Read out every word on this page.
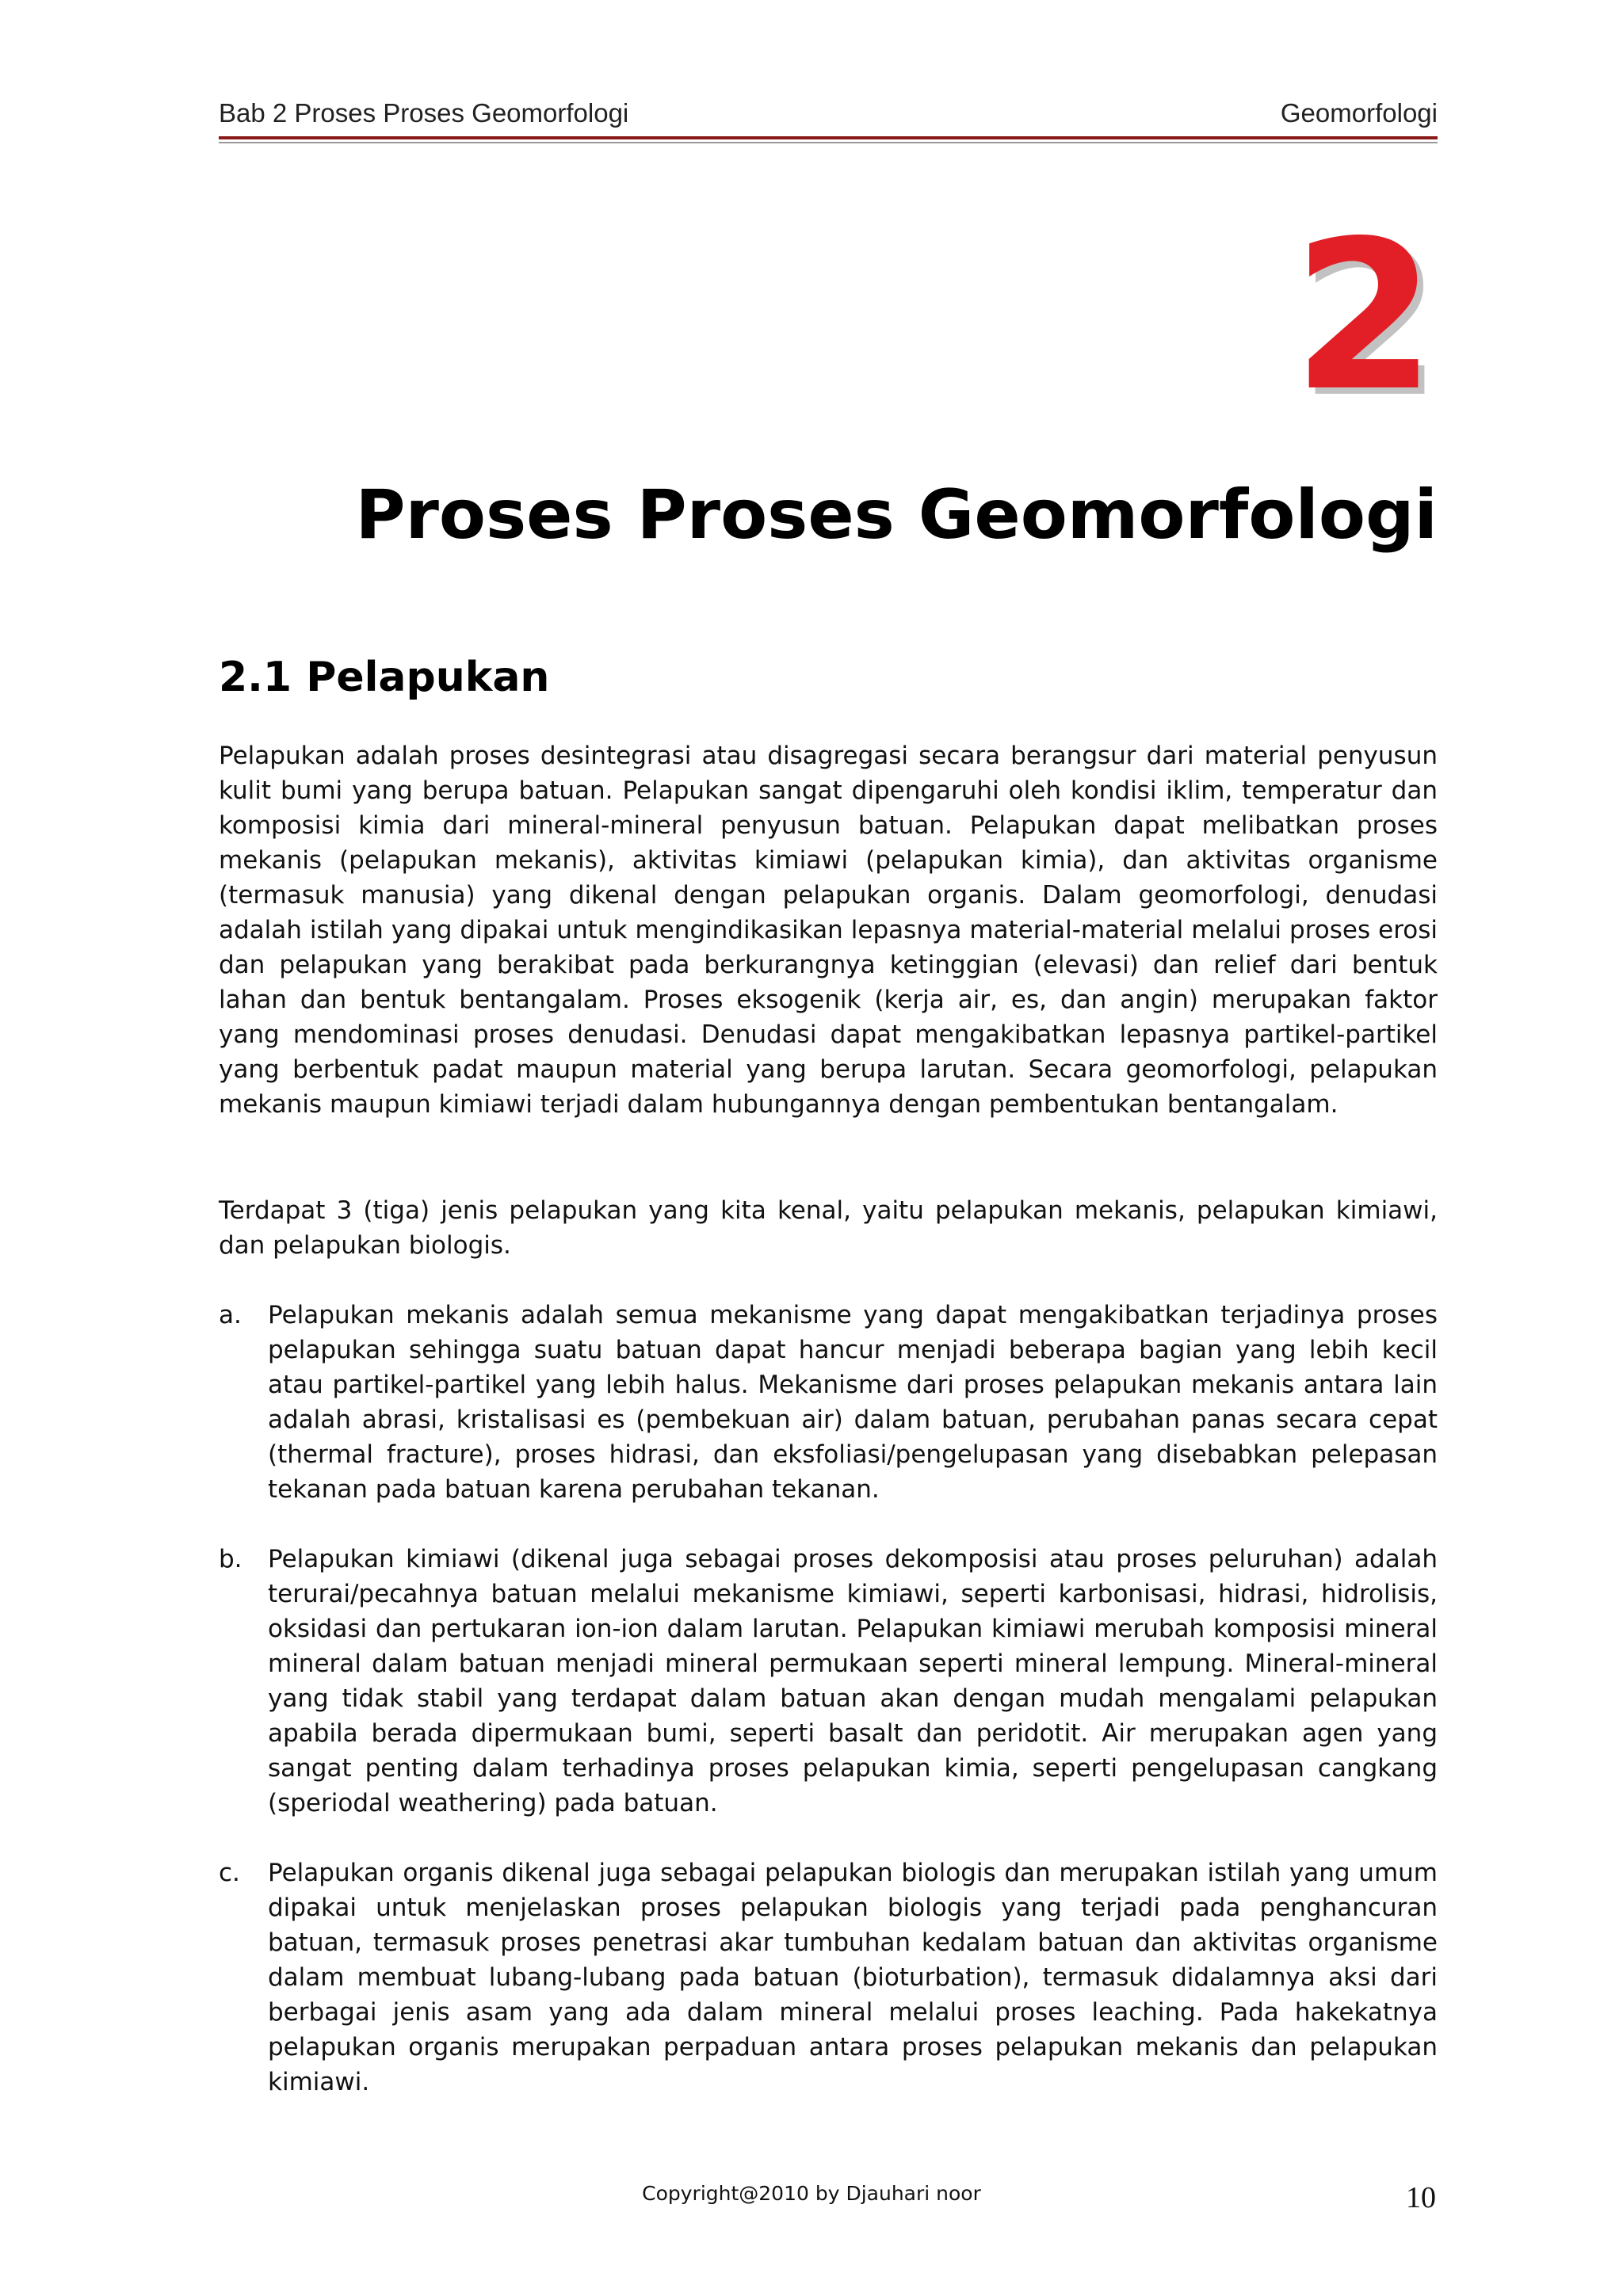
Bab 2 Proses Proses Geomorfologi	Geomorfologi
2
Proses Proses Geomorfologi
2.1 Pelapukan
Pelapukan adalah proses desintegrasi atau disagregasi secara berangsur dari material penyusun kulit bumi yang berupa batuan. Pelapukan sangat dipengaruhi oleh kondisi iklim, temperatur dan komposisi kimia dari mineral-mineral penyusun batuan. Pelapukan dapat melibatkan proses mekanis (pelapukan mekanis), aktivitas kimiawi (pelapukan kimia), dan aktivitas organisme (termasuk manusia) yang dikenal dengan pelapukan organis. Dalam geomorfologi, denudasi adalah istilah yang dipakai untuk mengindikasikan lepasnya material-material melalui proses erosi dan pelapukan yang berakibat pada berkurangnya ketinggian (elevasi) dan relief dari bentuk lahan dan bentuk bentangalam. Proses eksogenik (kerja air, es, dan angin) merupakan faktor yang mendominasi proses denudasi. Denudasi dapat mengakibatkan lepasnya partikel-partikel yang berbentuk padat maupun material yang berupa larutan. Secara geomorfologi, pelapukan mekanis maupun kimiawi terjadi dalam hubungannya dengan pembentukan bentangalam.
Terdapat 3 (tiga) jenis pelapukan yang kita kenal, yaitu pelapukan mekanis, pelapukan kimiawi, dan pelapukan biologis.
a.	Pelapukan mekanis adalah semua mekanisme yang dapat mengakibatkan terjadinya proses pelapukan sehingga suatu batuan dapat hancur menjadi beberapa bagian yang lebih kecil atau partikel-partikel yang lebih halus. Mekanisme dari proses pelapukan mekanis antara lain adalah abrasi, kristalisasi es (pembekuan air) dalam batuan, perubahan panas secara cepat (thermal fracture), proses hidrasi, dan eksfoliasi/pengelupasan yang disebabkan pelepasan tekanan pada batuan karena perubahan tekanan.
b.	Pelapukan kimiawi (dikenal juga sebagai proses dekomposisi atau proses peluruhan) adalah terurai/pecahnya batuan melalui mekanisme kimiawi, seperti karbonisasi, hidrasi, hidrolisis, oksidasi dan pertukaran ion-ion dalam larutan. Pelapukan kimiawi merubah komposisi mineral mineral dalam batuan menjadi mineral permukaan seperti mineral lempung. Mineral-mineral yang tidak stabil yang terdapat dalam batuan akan dengan mudah mengalami pelapukan apabila berada dipermukaan bumi, seperti basalt dan peridotit. Air merupakan agen yang sangat penting dalam terhadinya proses pelapukan kimia, seperti pengelupasan cangkang (speriodal weathering) pada batuan.
c.	Pelapukan organis dikenal juga sebagai pelapukan biologis dan merupakan istilah yang umum dipakai untuk menjelaskan proses pelapukan biologis yang terjadi pada penghancuran batuan, termasuk proses penetrasi akar tumbuhan kedalam batuan dan aktivitas organisme dalam membuat lubang-lubang pada batuan (bioturbation), termasuk didalamnya aksi dari berbagai jenis asam yang ada dalam mineral melalui proses leaching. Pada hakekatnya pelapukan organis merupakan perpaduan antara proses pelapukan mekanis dan pelapukan kimiawi.
Copyright@2010 by Djauhari noor	10
